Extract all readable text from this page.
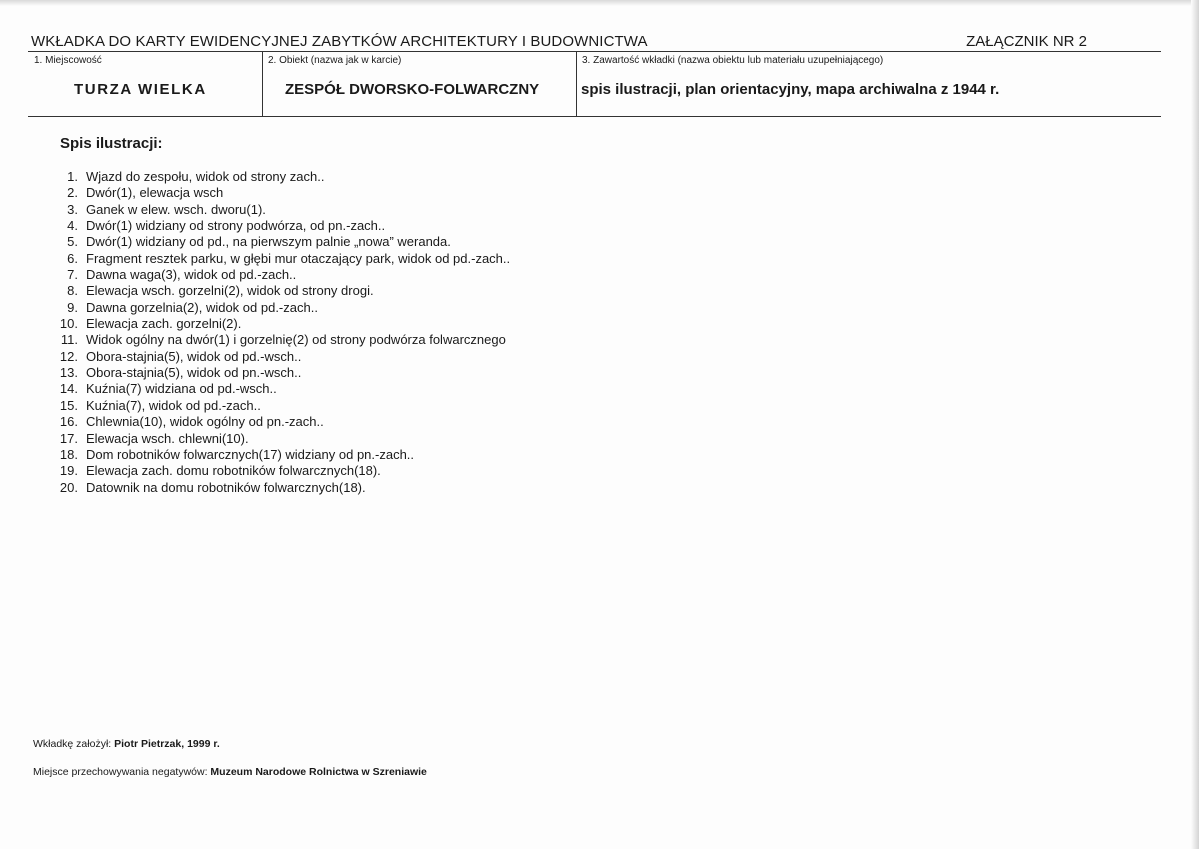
WKŁADKA DO KARTY EWIDENCYJNEJ ZABYTKÓW ARCHITEKTURY I BUDOWNICTWA	ZAŁĄCZNIK NR 2
1. Miejscowość
TURZA WIELKA
2. Obiekt (nazwa jak w karcie)
ZESPÓŁ DWORSKO-FOLWARCZNY
3. Zawartość wkładki (nazwa obiektu lub materiału uzupełniającego)
spis ilustracji, plan orientacyjny, mapa archiwalna z 1944 r.
Spis ilustracji:
1. Wjazd do zespołu, widok od strony zach..
2. Dwór(1), elewacja wsch
3. Ganek w elew. wsch. dworu(1).
4. Dwór(1) widziany od strony podwórza, od pn.-zach..
5. Dwór(1) widziany od pd., na pierwszym palnie „nowa” weranda.
6. Fragment resztek parku, w głębi mur otaczający park, widok od pd.-zach..
7. Dawna waga(3), widok od pd.-zach..
8. Elewacja wsch. gorzelni(2), widok od strony drogi.
9. Dawna gorzelnia(2), widok od pd.-zach..
10. Elewacja zach. gorzelni(2).
11. Widok ogólny na dwór(1) i gorzelnię(2) od strony podwórza folwarcznego
12. Obora-stajnia(5), widok od pd.-wsch..
13. Obora-stajnia(5), widok od pn.-wsch..
14. Kuźnia(7) widziana od pd.-wsch..
15. Kuźnia(7), widok od pd.-zach..
16. Chlewnia(10), widok ogólny od pn.-zach..
17. Elewacja wsch. chlewni(10).
18. Dom robotników folwarcznych(17) widziany od pn.-zach..
19. Elewacja zach. domu robotników folwarcznych(18).
20. Datownik na domu robotników folwarcznych(18).
Wkładkę założył: Piotr Pietrzak, 1999 r.
Miejsce przechowywania negatywów: Muzeum Narodowe Rolnictwa w Szreniawie
